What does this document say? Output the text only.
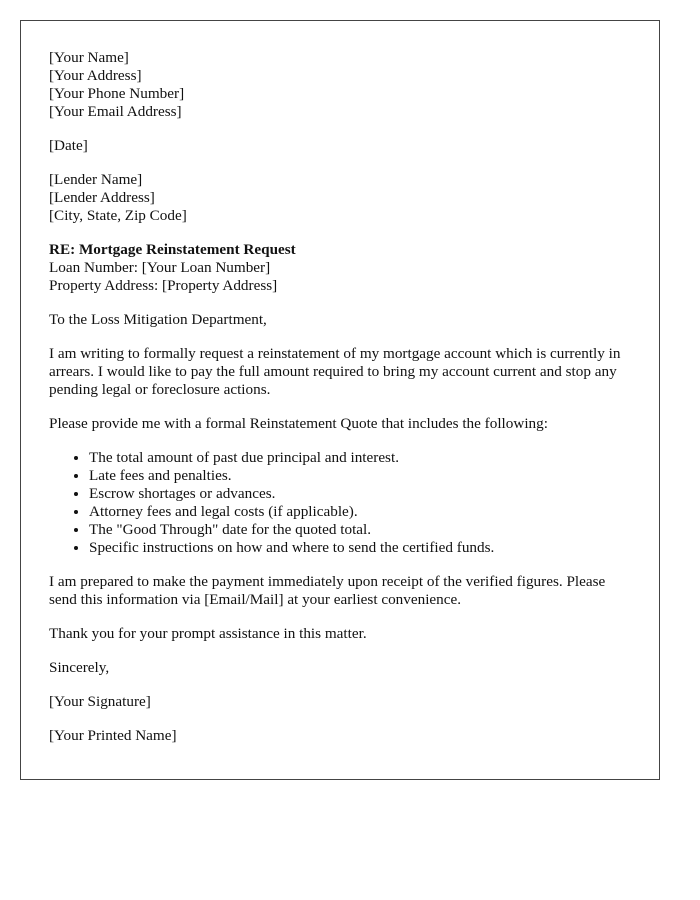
[Your Name]
[Your Address]
[Your Phone Number]
[Your Email Address]
[Date]
[Lender Name]
[Lender Address]
[City, State, Zip Code]
RE: Mortgage Reinstatement Request
Loan Number: [Your Loan Number]
Property Address: [Property Address]

To the Loss Mitigation Department,

I am writing to formally request a reinstatement of my mortgage account which is currently in arrears. I would like to pay the full amount required to bring my account current and stop any pending legal or foreclosure actions.

Please provide me with a formal Reinstatement Quote that includes the following:

• The total amount of past due principal and interest.
• Late fees and penalties.
• Escrow shortages or advances.
• Attorney fees and legal costs (if applicable).
• The "Good Through" date for the quoted total.
• Specific instructions on how and where to send the certified funds.

I am prepared to make the payment immediately upon receipt of the verified figures. Please send this information via [Email/Mail] at your earliest convenience.

Thank you for your prompt assistance in this matter.

Sincerely,

[Your Signature]

[Your Printed Name]
